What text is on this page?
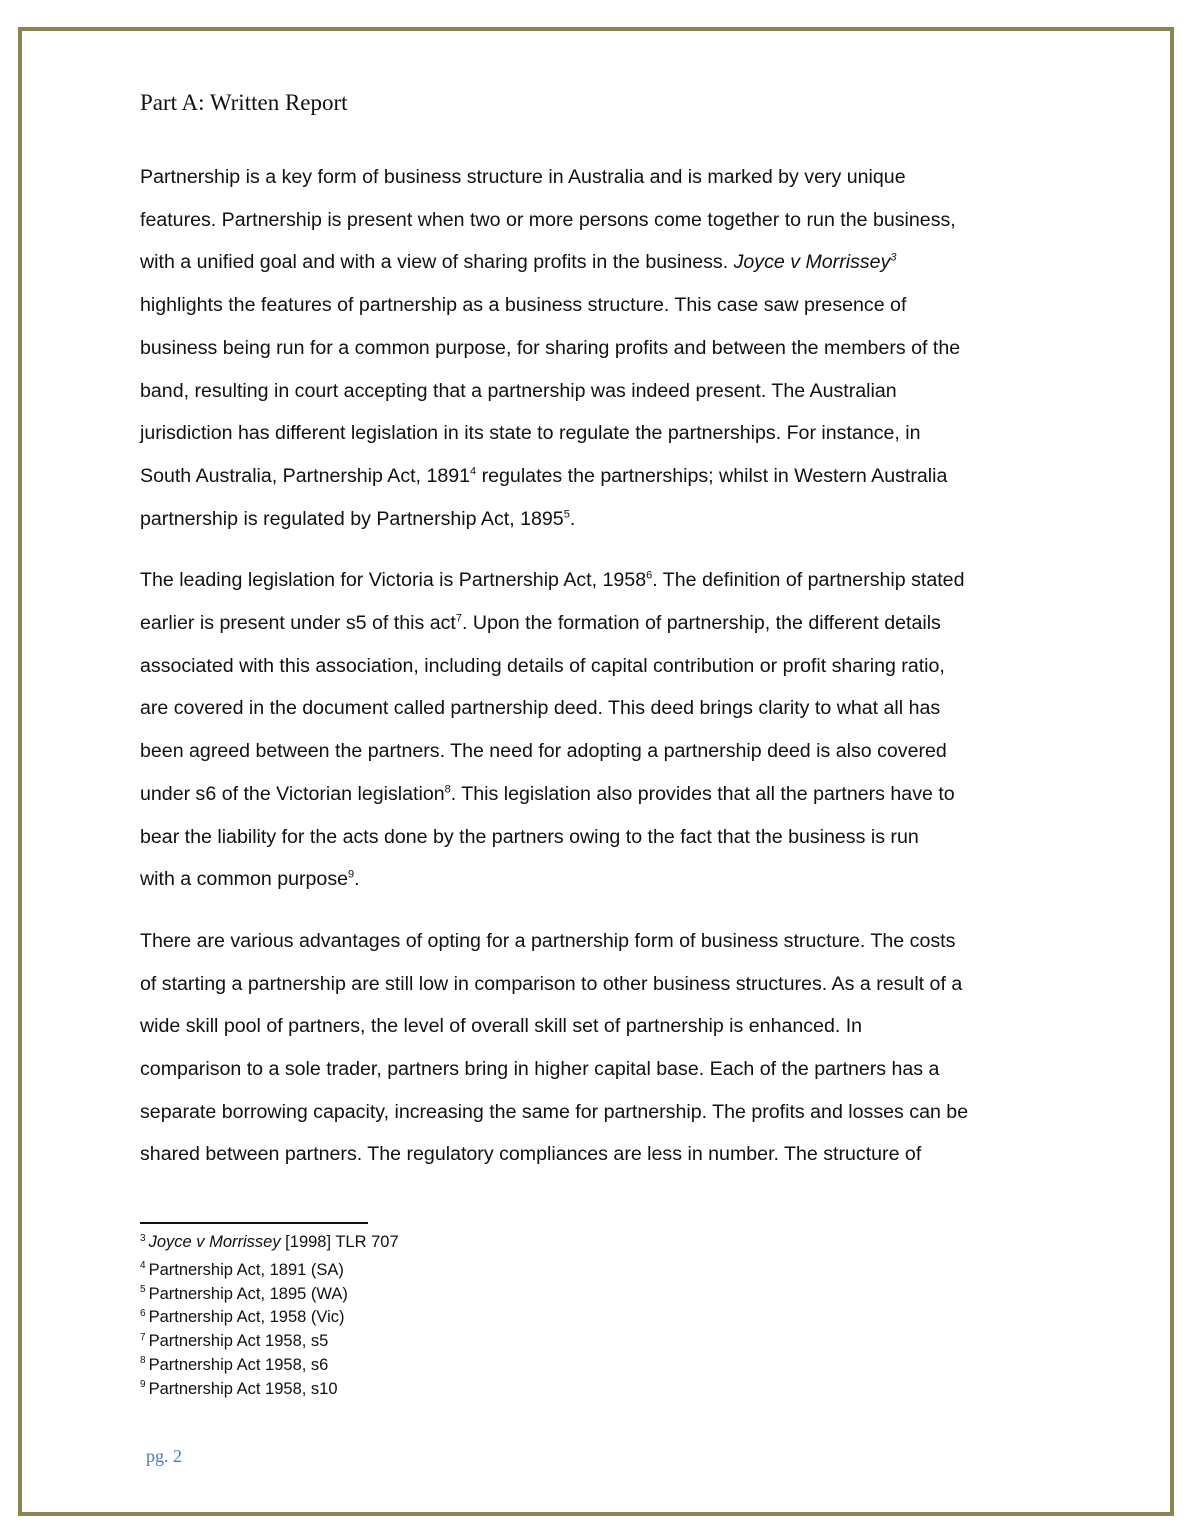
Part A: Written Report

Partnership is a key form of business structure in Australia and is marked by very unique
features. Partnership is present when two or more persons come together to run the business,
with a unified goal and with a view of sharing profits in the business. Joyce v Morrissey$^3$
highlights the features of partnership as a business structure. This case saw presence of
business being run for a common purpose, for sharing profits and between the members of the
band, resulting in court accepting that a partnership was indeed present. The Australian
jurisdiction has different legislation in its state to regulate the partnerships. For instance, in
South Australia, Partnership Act, 1891$^4$ regulates the partnerships; whilst in Western Australia
partnership is regulated by Partnership Act, 1895$^5$.

The leading legislation for Victoria is Partnership Act, 1958$^6$. The definition of partnership stated
earlier is present under s5 of this act$^7$. Upon the formation of partnership, the different details
associated with this association, including details of capital contribution or profit sharing ratio,
are covered in the document called partnership deed. This deed brings clarity to what all has
been agreed between the partners. The need for adopting a partnership deed is also covered
under s6 of the Victorian legislation$^8$. This legislation also provides that all the partners have to
bear the liability for the acts done by the partners owing to the fact that the business is run
with a common purpose$^9$.

There are various advantages of opting for a partnership form of business structure. The costs
of starting a partnership are still low in comparison to other business structures. As a result of a
wide skill pool of partners, the level of overall skill set of partnership is enhanced. In
comparison to a sole trader, partners bring in higher capital base. Each of the partners has a
separate borrowing capacity, increasing the same for partnership. The profits and losses can be
shared between partners. The regulatory compliances are less in number. The structure of

$^3$ Joyce v Morrissey [1998] TLR 707
$^4$ Partnership Act, 1891 (SA)
$^5$ Partnership Act, 1895 (WA)
$^6$ Partnership Act, 1958 (Vic)
$^7$ Partnership Act 1958, s5
$^8$ Partnership Act 1958, s6
$^9$ Partnership Act 1958, s10
pg. 2
